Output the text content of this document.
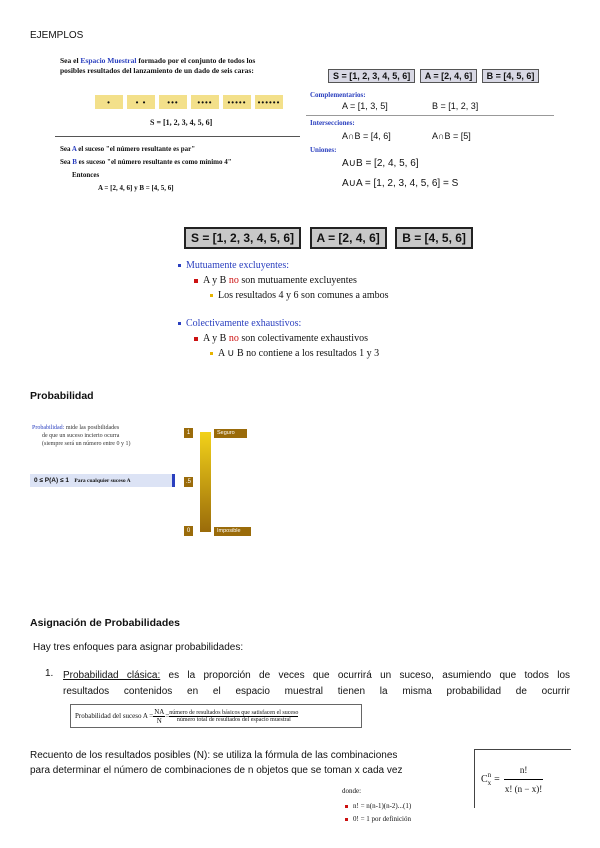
EJEMPLOS
Sea el Espacio Muestral formado por el conjunto de todos los
posibles resultados del lanzamiento de un dado de seis caras:
•	• •	•••	••••	•••••	••••••
S = [1, 2, 3, 4, 5, 6]
Sea A el suceso "el número resultante es par"
Sea B es suceso "el número resultante es como mínimo 4"
Entonces
A = [2, 4, 6] y B = [4, 5, 6]
S = [1, 2, 3, 4, 5, 6] A = [2, 4, 6] B = [4, 5, 6]
Complementarios:
A = [1, 3, 5]	B = [1, 2, 3]
Intersecciones:
A∩B = [4, 6]	A∩B = [5]
Uniones:
A∪B = [2, 4, 5, 6]
A∪A = [1, 2, 3, 4, 5, 6] = S
S = [1, 2, 3, 4, 5, 6] A = [2, 4, 6] B = [4, 5, 6]
Mutuamente excluyentes:
A y B no son mutuamente excluyentes
Los resultados 4 y 6 son comunes a ambos
Colectivamente exhaustivos:
A y B no son colectivamente exhaustivos
A ∪ B no contiene a los resultados 1 y 3
Probabilidad
Probabilidad: mide las posibilidades
de que un suceso incierto ocurra
(siempre será un número entre 0 y 1)
0 ≤ P(A) ≤ 1 Para cualquier suceso A
1	Seguro
.5
0	Imposible
Asignación de Probabilidades
Hay tres enfoques para asignar probabilidades:
1. Probabilidad clásica: es la proporción de veces que ocurrirá un suceso, asumiendo que todos los
resultados contenidos en el espacio muestral tienen la misma probabilidad de ocurrir
Probabilidad del suceso $A = \frac{NA}{N}$ = número de resultados básicos que satisfacen el suceso
número total de resultados del espacio muestral
Recuento de los resultados posibles (N): se utiliza la fórmula de las combinaciones
para determinar el número de combinaciones de n objetos que se toman x cada vez
C n
$x = \frac{n!}{x! (n - x)!}$
donde:
n! = n(n-1)(n-2)...(1)
0! = 1 por definición
